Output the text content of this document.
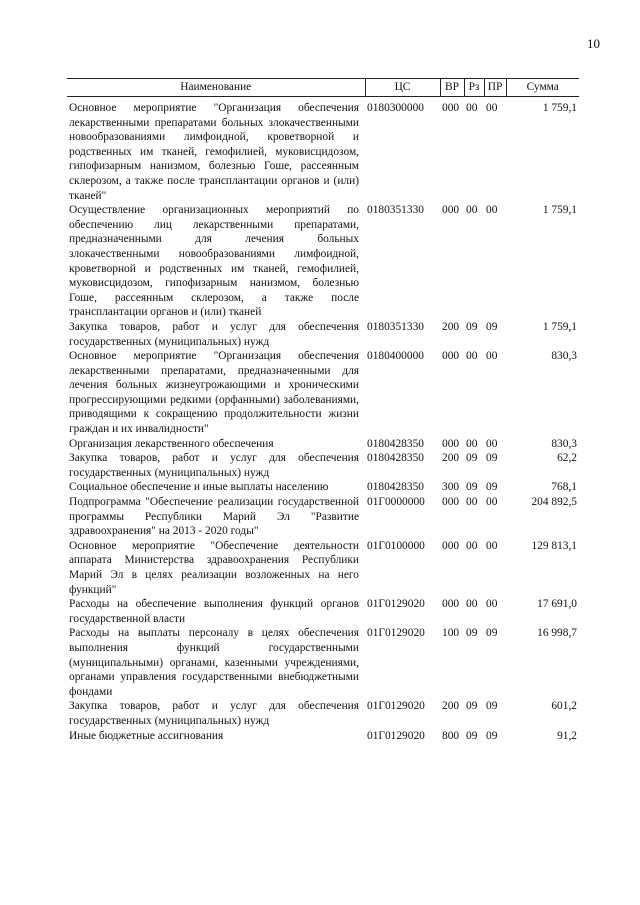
10
Наименование	ЦС	ВР	Рз	ПР	Сумма
Основное мероприятие "Организация обеспечения лекарственными препаратами больных злокачественными новообразованиями лимфоидной, кроветворной и родственных им тканей, гемофилией, муковисцидозом, гипофизарным нанизмом, болезнью Гоше, рассеянным склерозом, а также после трансплантации органов и (или) тканей"	0180300000	000	00	00	1 759,1
Осуществление организационных мероприятий по обеспечению лиц лекарственными препаратами, предназначенными для лечения больных злокачественными новообразованиями лимфоидной, кроветворной и родственных им тканей, гемофилией, муковисцидозом, гипофизарным нанизмом, болезнью Гоше, рассеянным склерозом, а также после трансплантации органов и (или) тканей	0180351330	000	00	00	1 759,1
Закупка товаров, работ и услуг для обеспечения государственных (муниципальных) нужд	0180351330	200	09	09	1 759,1
Основное мероприятие "Организация обеспечения лекарственными препаратами, предназначенными для лечения больных жизнеугрожающими и хроническими прогрессирующими редкими (орфанными) заболеваниями, приводящими к сокращению продолжительности жизни граждан и их инвалидности"	0180400000	000	00	00	830,3
Организация лекарственного обеспечения	0180428350	000	00	00	830,3
Закупка товаров, работ и услуг для обеспечения государственных (муниципальных) нужд	0180428350	200	09	09	62,2
Социальное обеспечение и иные выплаты населению	0180428350	300	09	09	768,1
Подпрограмма "Обеспечение реализации государственной программы Республики Марий Эл "Развитие здравоохранения" на 2013 - 2020 годы"	01Г0000000	000	00	00	204 892,5
Основное мероприятие "Обеспечение деятельности аппарата Министерства здравоохранения Республики Марий Эл в целях реализации возложенных на него функций"	01Г0100000	000	00	00	129 813,1
Расходы на обеспечение выполнения функций органов государственной власти	01Г0129020	000	00	00	17 691,0
Расходы на выплаты персоналу в целях обеспечения выполнения функций государственными (муниципальными) органами, казенными учреждениями, органами управления государственными внебюджетными фондами	01Г0129020	100	09	09	16 998,7
Закупка товаров, работ и услуг для обеспечения государственных (муниципальных) нужд	01Г0129020	200	09	09	601,2
Иные бюджетные ассигнования	01Г0129020	800	09	09	91,2
